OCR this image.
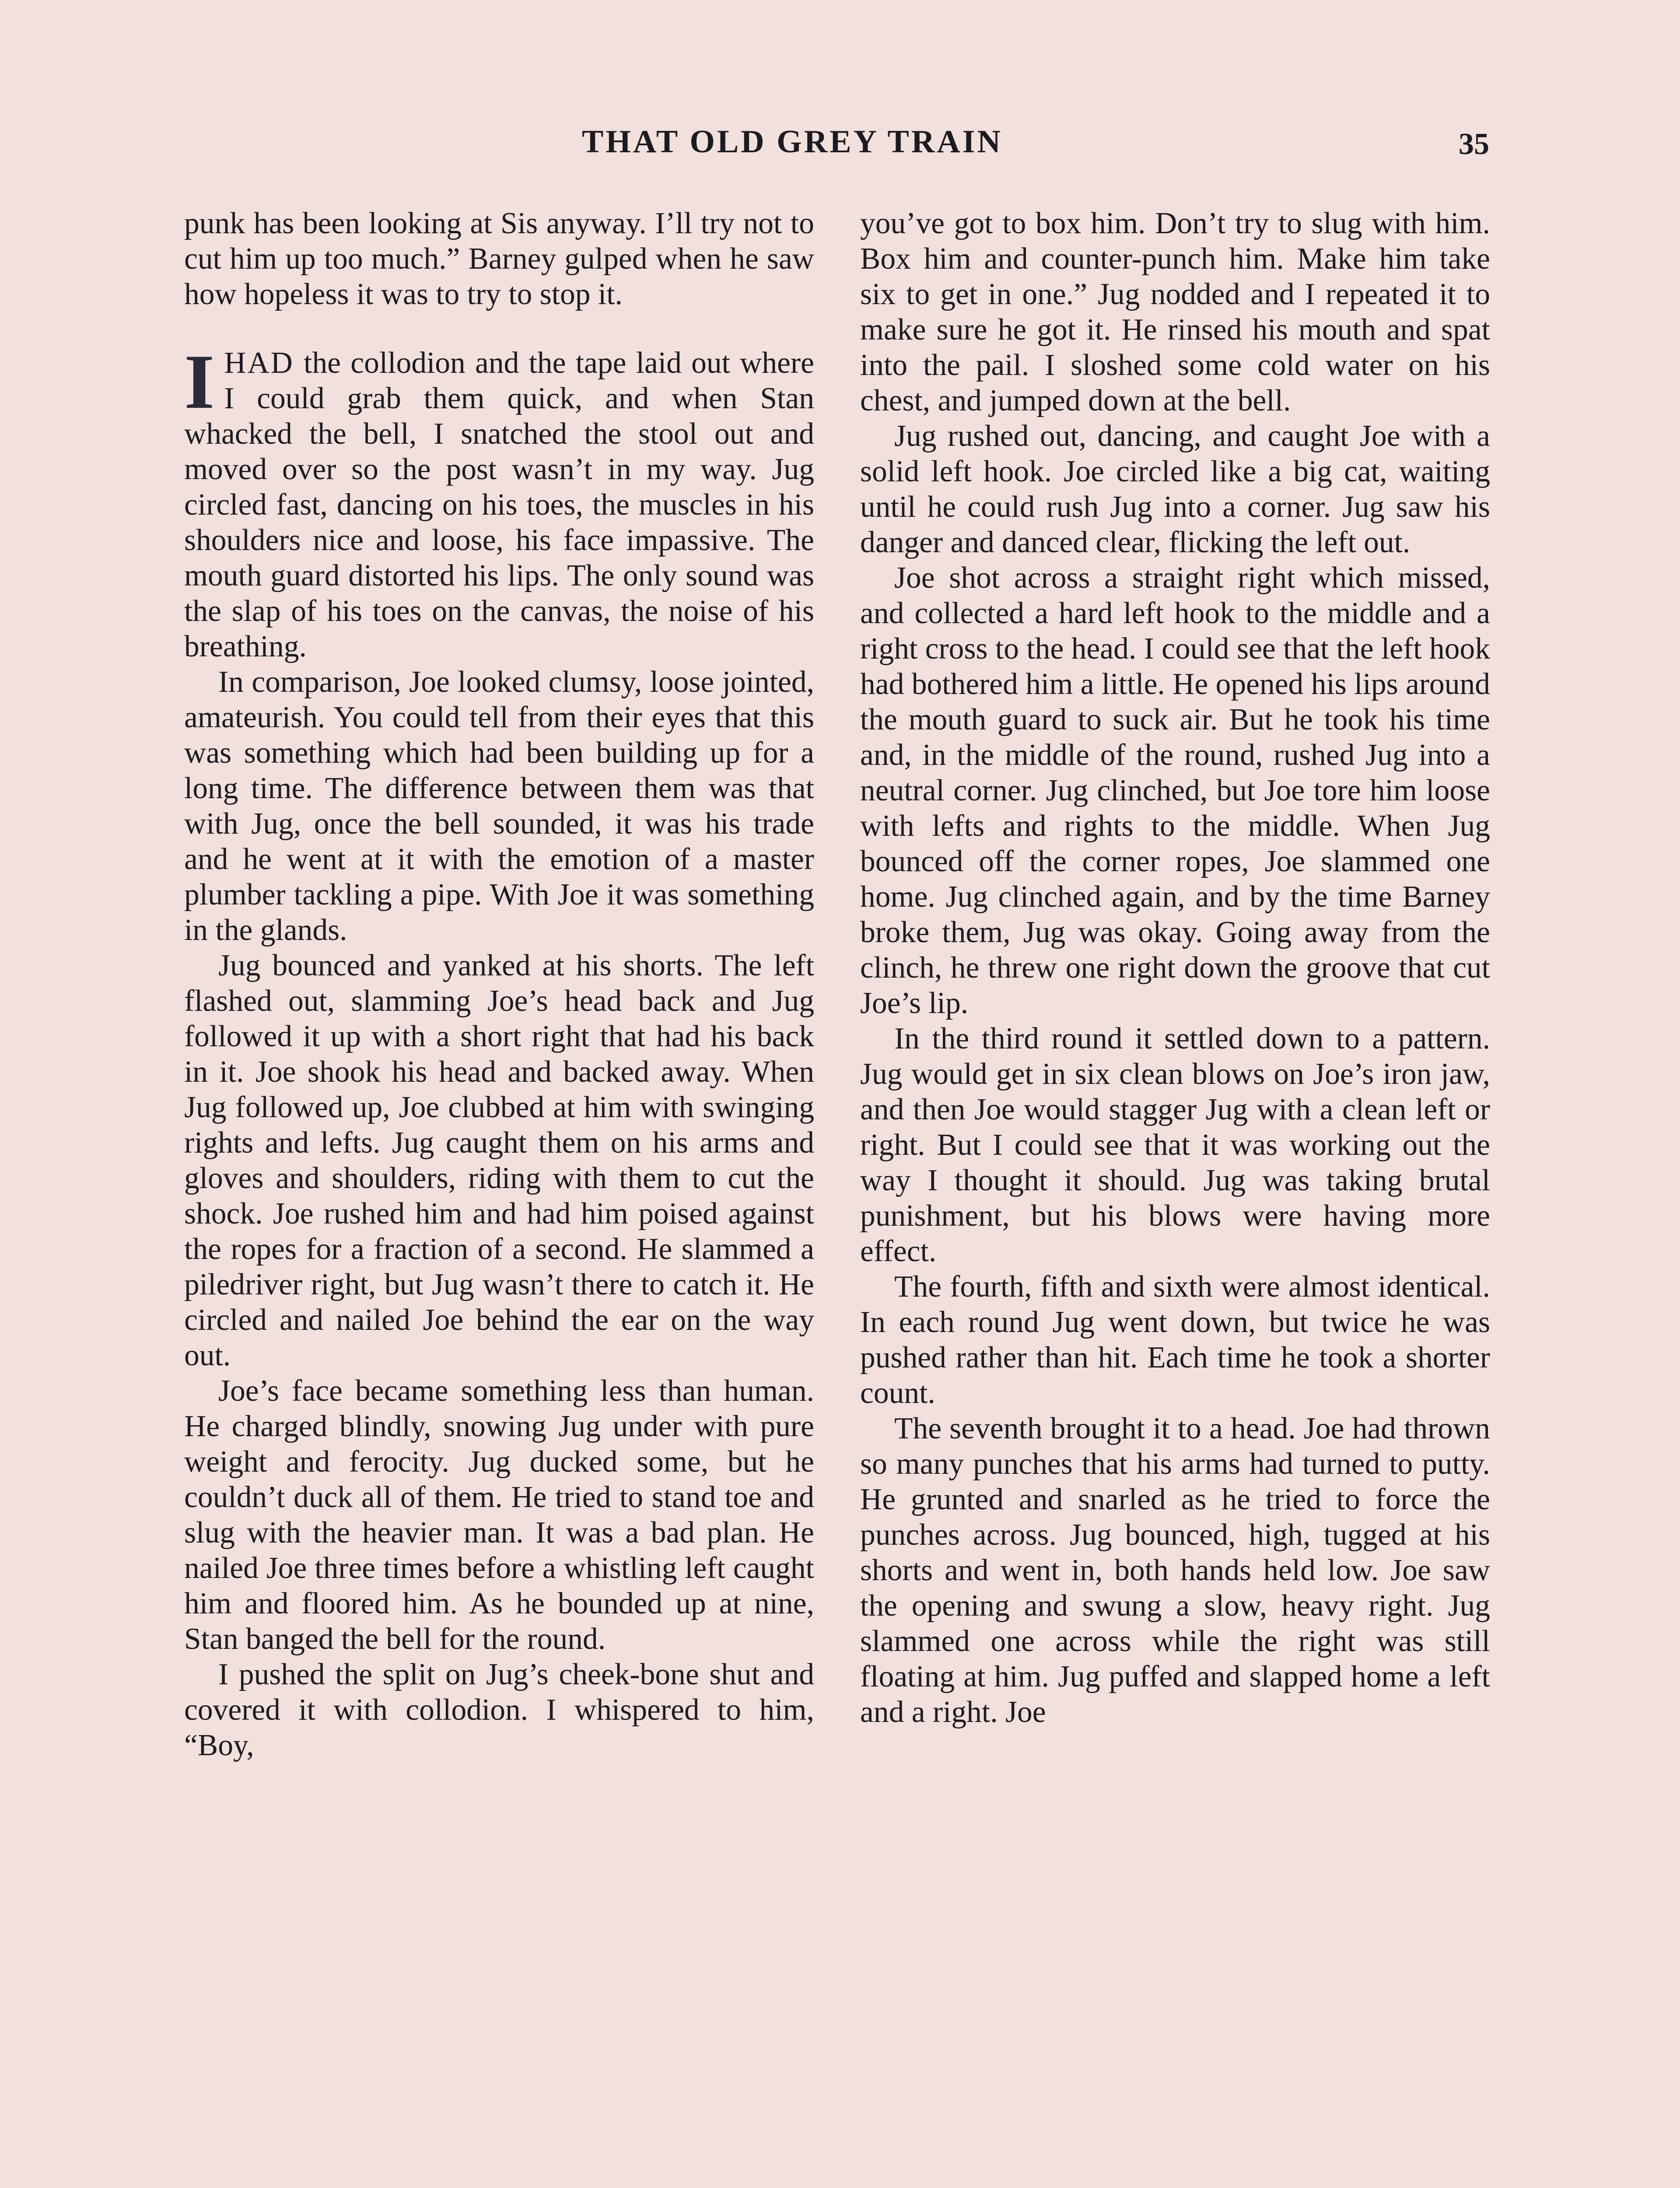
THAT OLD GREY TRAIN	35

punk has been looking at Sis anyway. I’ll try not to cut him up too much.” Barney gulped when he saw how hopeless it was to try to stop it.

IHAD the collodion and the tape laid out where I could grab them quick, and when Stan whacked the bell, I snatched the stool out and moved over so the post wasn’t in my way. Jug circled fast, dancing on his toes, the muscles in his shoulders nice and loose, his face impassive. The mouth guard distorted his lips. The only sound was the slap of his toes on the canvas, the noise of his breathing.

In comparison, Joe looked clumsy, loose jointed, amateurish. You could tell from their eyes that this was something which had been building up for a long time. The difference between them was that with Jug, once the bell sounded, it was his trade and he went at it with the emotion of a master plumber tackling a pipe. With Joe it was something in the glands.

Jug bounced and yanked at his shorts. The left flashed out, slamming Joe’s head back and Jug followed it up with a short right that had his back in it. Joe shook his head and backed away. When Jug followed up, Joe clubbed at him with swinging rights and lefts. Jug caught them on his arms and gloves and shoulders, riding with them to cut the shock. Joe rushed him and had him poised against the ropes for a fraction of a second. He slammed a piledriver right, but Jug wasn’t there to catch it. He circled and nailed Joe behind the ear on the way out.

Joe’s face became something less than human. He charged blindly, snowing Jug under with pure weight and ferocity. Jug ducked some, but he couldn’t duck all of them. He tried to stand toe and slug with the heavier man. It was a bad plan. He nailed Joe three times before a whistling left caught him and floored him. As he bounded up at nine, Stan banged the bell for the round.

I pushed the split on Jug’s cheek-bone shut and covered it with collodion. I whispered to him, “Boy,

you’ve got to box him. Don’t try to slug with him. Box him and counter-punch him. Make him take six to get in one.” Jug nodded and I repeated it to make sure he got it. He rinsed his mouth and spat into the pail. I sloshed some cold water on his chest, and jumped down at the bell.

Jug rushed out, dancing, and caught Joe with a solid left hook. Joe circled like a big cat, waiting until he could rush Jug into a corner. Jug saw his danger and danced clear, flicking the left out.

Joe shot across a straight right which missed, and collected a hard left hook to the middle and a right cross to the head. I could see that the left hook had bothered him a little. He opened his lips around the mouth guard to suck air. But he took his time and, in the middle of the round, rushed Jug into a neutral corner. Jug clinched, but Joe tore him loose with lefts and rights to the middle. When Jug bounced off the corner ropes, Joe slammed one home. Jug clinched again, and by the time Barney broke them, Jug was okay. Going away from the clinch, he threw one right down the groove that cut Joe’s lip.

In the third round it settled down to a pattern. Jug would get in six clean blows on Joe’s iron jaw, and then Joe would stagger Jug with a clean left or right. But I could see that it was working out the way I thought it should. Jug was taking brutal punishment, but his blows were having more effect.

The fourth, fifth and sixth were almost identical. In each round Jug went down, but twice he was pushed rather than hit. Each time he took a shorter count.

The seventh brought it to a head. Joe had thrown so many punches that his arms had turned to putty. He grunted and snarled as he tried to force the punches across. Jug bounced, high, tugged at his shorts and went in, both hands held low. Joe saw the opening and swung a slow, heavy right. Jug slammed one across while the right was still floating at him. Jug puffed and slapped home a left and a right. Joe
